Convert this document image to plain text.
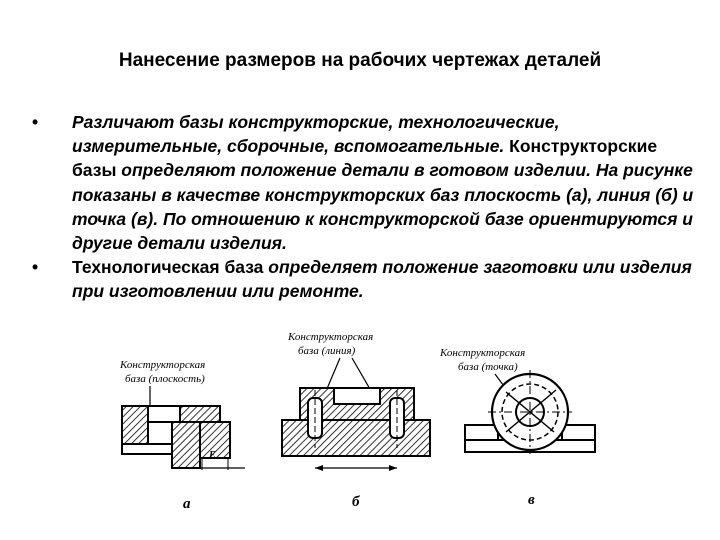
Нанесение размеров на рабочих чертежах деталей
• Различают базы конструкторские, технологические, измерительные, сборочные, вспомогательные. Конструкторские базы определяют положение детали в готовом изделии. На рисунке показаны в качестве конструкторских баз плоскость (а), линия (б) и точка (в). По отношению к конструкторской базе ориентируются и другие детали изделия.
• Технологическая база определяет положение заготовки или изделия при изготовлении или ремонте.
Конструкторская
база (плоскость)
Е
а
Конструкторская
база (линия)
б
Конструкторская
база (точка)
в
